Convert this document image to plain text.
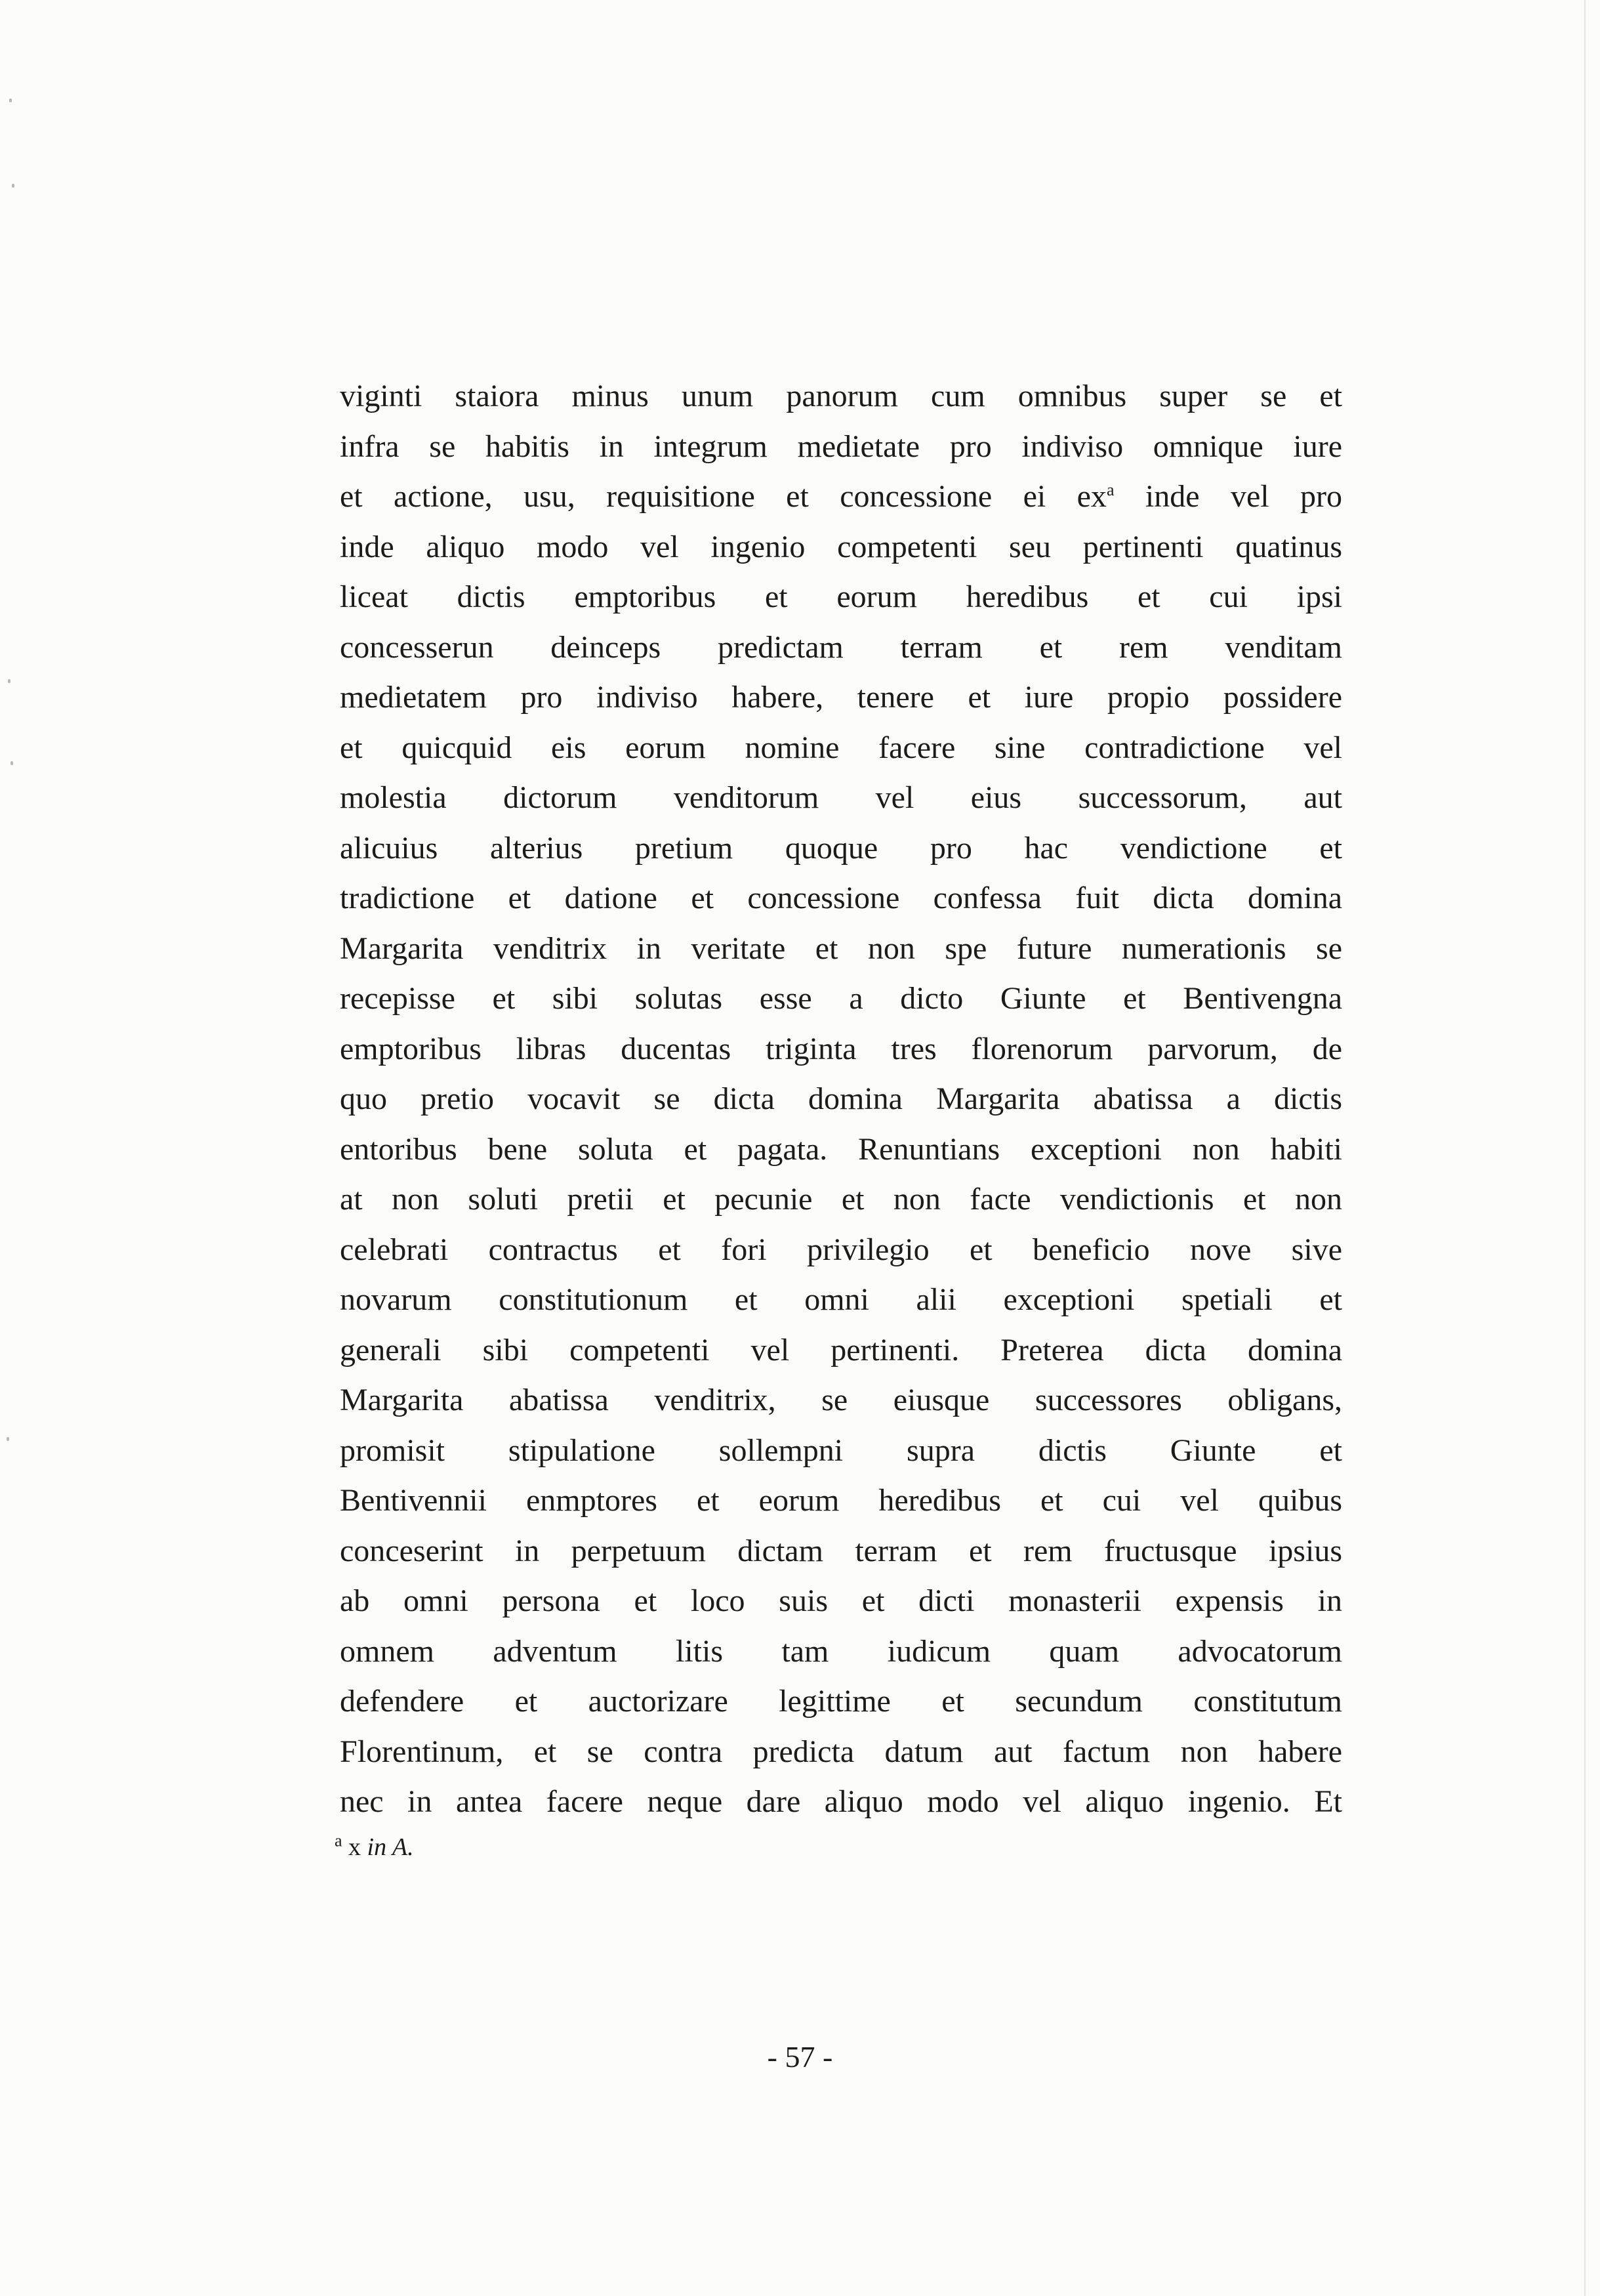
viginti staiora minus unum panorum cum omnibus super se et
infra se habitis in integrum medietate pro indiviso omnique iure
et actione, usu, requisitione et concessione ei ex$^a$ inde vel pro
inde aliquo modo vel ingenio competenti seu pertinenti quatinus
liceat dictis emptoribus et eorum heredibus et cui ipsi
concesserun deinceps predictam terram et rem venditam
medietatem pro indiviso habere, tenere et iure propio possidere
et quicquid eis eorum nomine facere sine contradictione vel
molestia dictorum venditorum vel eius successorum, aut
alicuius alterius pretium quoque pro hac vendictione et
tradictione et datione et concessione confessa fuit dicta domina
Margarita venditrix in veritate et non spe future numerationis se
recepisse et sibi solutas esse a dicto Giunte et Bentivengna
emptoribus libras ducentas triginta tres florenorum parvorum, de
quo pretio vocavit se dicta domina Margarita abatissa a dictis
entoribus bene soluta et pagata. Renuntians exceptioni non habiti
at non soluti pretii et pecunie et non facte vendictionis et non
celebrati contractus et fori privilegio et beneficio nove sive
novarum constitutionum et omni alii exceptioni spetiali et
generali sibi competenti vel pertinenti. Preterea dicta domina
Margarita abatissa venditrix, se eiusque successores obligans,
promisit stipulatione sollempni supra dictis Giunte et
Bentivennii enmptores et eorum heredibus et cui vel quibus
conceserint in perpetuum dictam terram et rem fructusque ipsius
ab omni persona et loco suis et dicti monasterii expensis in
omnem adventum litis tam iudicum quam advocatorum
defendere et auctorizare legittime et secundum constitutum
Florentinum, et se contra predicta datum aut factum non habere
nec in antea facere neque dare aliquo modo vel aliquo ingenio. Et
$^a$ x in A.
- 57 -
